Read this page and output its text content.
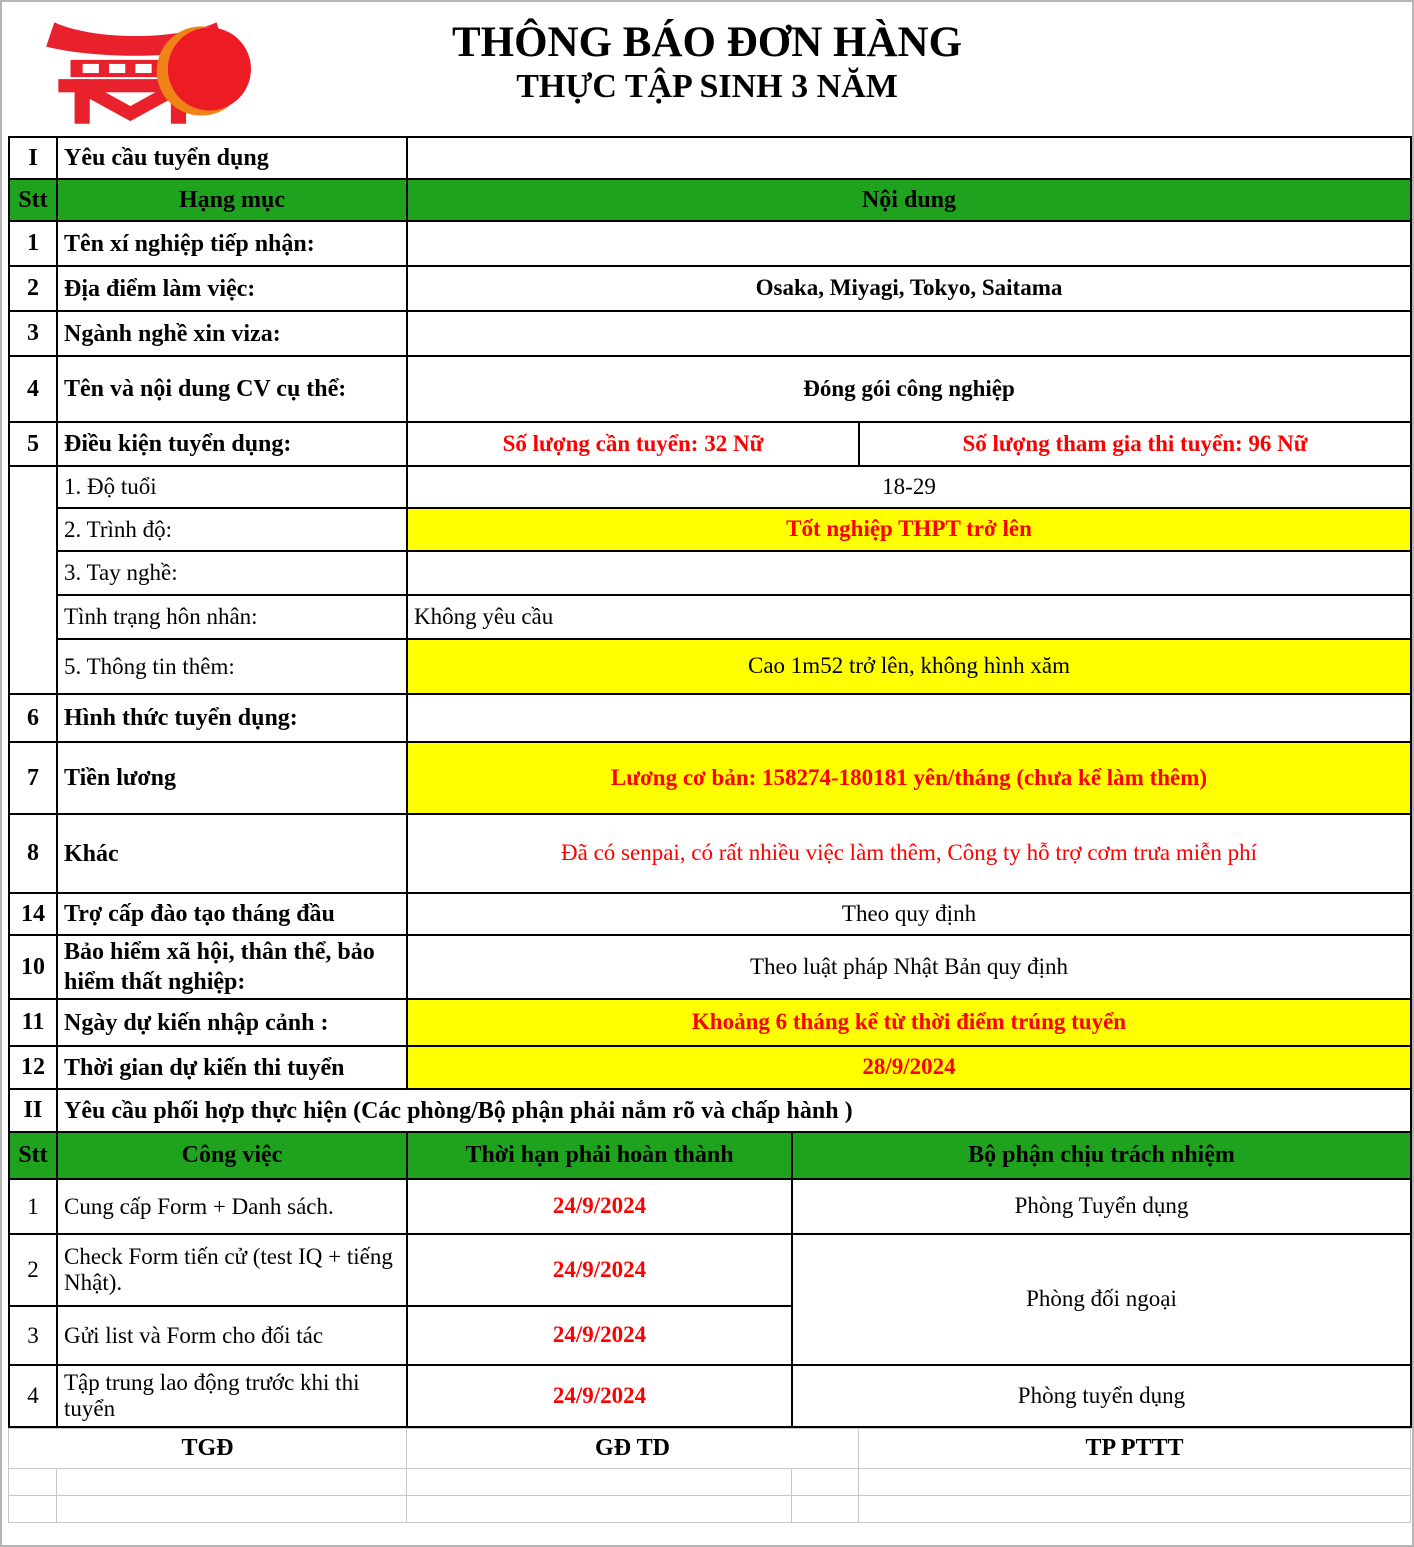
THÔNG BÁO ĐƠN HÀNG
THỰC TẬP SINH 3 NĂM
I	Yêu cầu tuyển dụng		
Stt	Hạng mục	Nội dung	
1	Tên xí nghiệp tiếp nhận:		
2	Địa điểm làm việc:	Osaka, Miyagi, Tokyo, Saitama	
3	Ngành nghề xin viza:		
4	Tên và nội dung CV cụ thể:	Đóng gói công nghiệp	
5	Điều kiện tuyển dụng:	Số lượng cần tuyển: 32 Nữ	Số lượng tham gia thi tuyển: 96 Nữ
	1. Độ tuổi	18-29	
	2. Trình độ:	Tốt nghiệp THPT trở lên	
	3. Tay nghề:		
	Tình trạng hôn nhân:	Không yêu cầu	
	5. Thông tin thêm:	Cao 1m52 trở lên, không hình xăm	
6	Hình thức tuyển dụng:		
7	Tiền lương	Lương cơ bản: 158274-180181 yên/tháng (chưa kể làm thêm)	
8	Khác	Đã có senpai, có rất nhiều việc làm thêm, Công ty hỗ trợ cơm trưa miễn phí	
14	Trợ cấp đào tạo tháng đầu	Theo quy định	
10	Bảo hiểm xã hội, thân thể, bảo hiểm thất nghiệp:	Theo luật pháp Nhật Bản quy định	
11	Ngày dự kiến nhập cảnh :	Khoảng 6 tháng kể từ thời điểm trúng tuyển	
12	Thời gian dự kiến thi tuyển	28/9/2024	
II	Yêu cầu phối hợp thực hiện (Các phòng/Bộ phận phải nắm rõ và chấp hành )		
Stt	Công việc	Thời hạn phải hoàn thành	Bộ phận chịu trách nhiệm
1	Cung cấp Form + Danh sách.	24/9/2024	Phòng Tuyển dụng
2	Check Form tiến cử (test IQ + tiếng Nhật).	24/9/2024	Phòng đối ngoại
3	Gửi list và Form cho đối tác	24/9/2024	
4	Tập trung lao động trước khi thi tuyển	24/9/2024	Phòng tuyển dụng
TGĐ	GĐ TD	TP PTTT
